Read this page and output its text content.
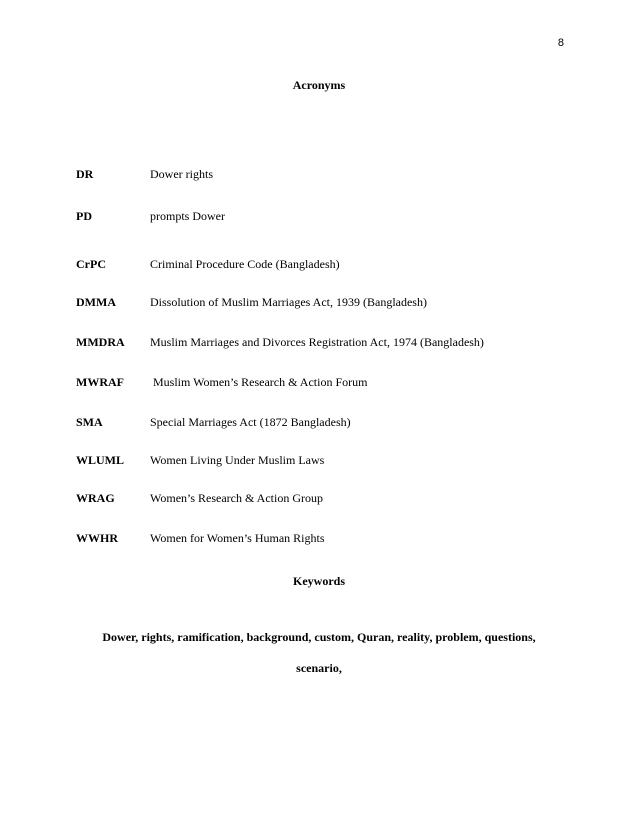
8
Acronyms
DR	Dower rights
PD	prompts Dower
CrPC	Criminal Procedure Code (Bangladesh)
DMMA	Dissolution of Muslim Marriages Act, 1939 (Bangladesh)
MMDRA Muslim Marriages and Divorces Registration Act, 1974 (Bangladesh)
MWRAF Muslim Women’s Research & Action Forum
SMA	Special Marriages Act (1872 Bangladesh)
WLUML Women Living Under Muslim Laws
WRAG	Women’s Research & Action Group
WWHR	Women for Women’s Human Rights
Keywords
Dower, rights, ramification, background, custom, Quran, reality, problem, questions,
scenario,
